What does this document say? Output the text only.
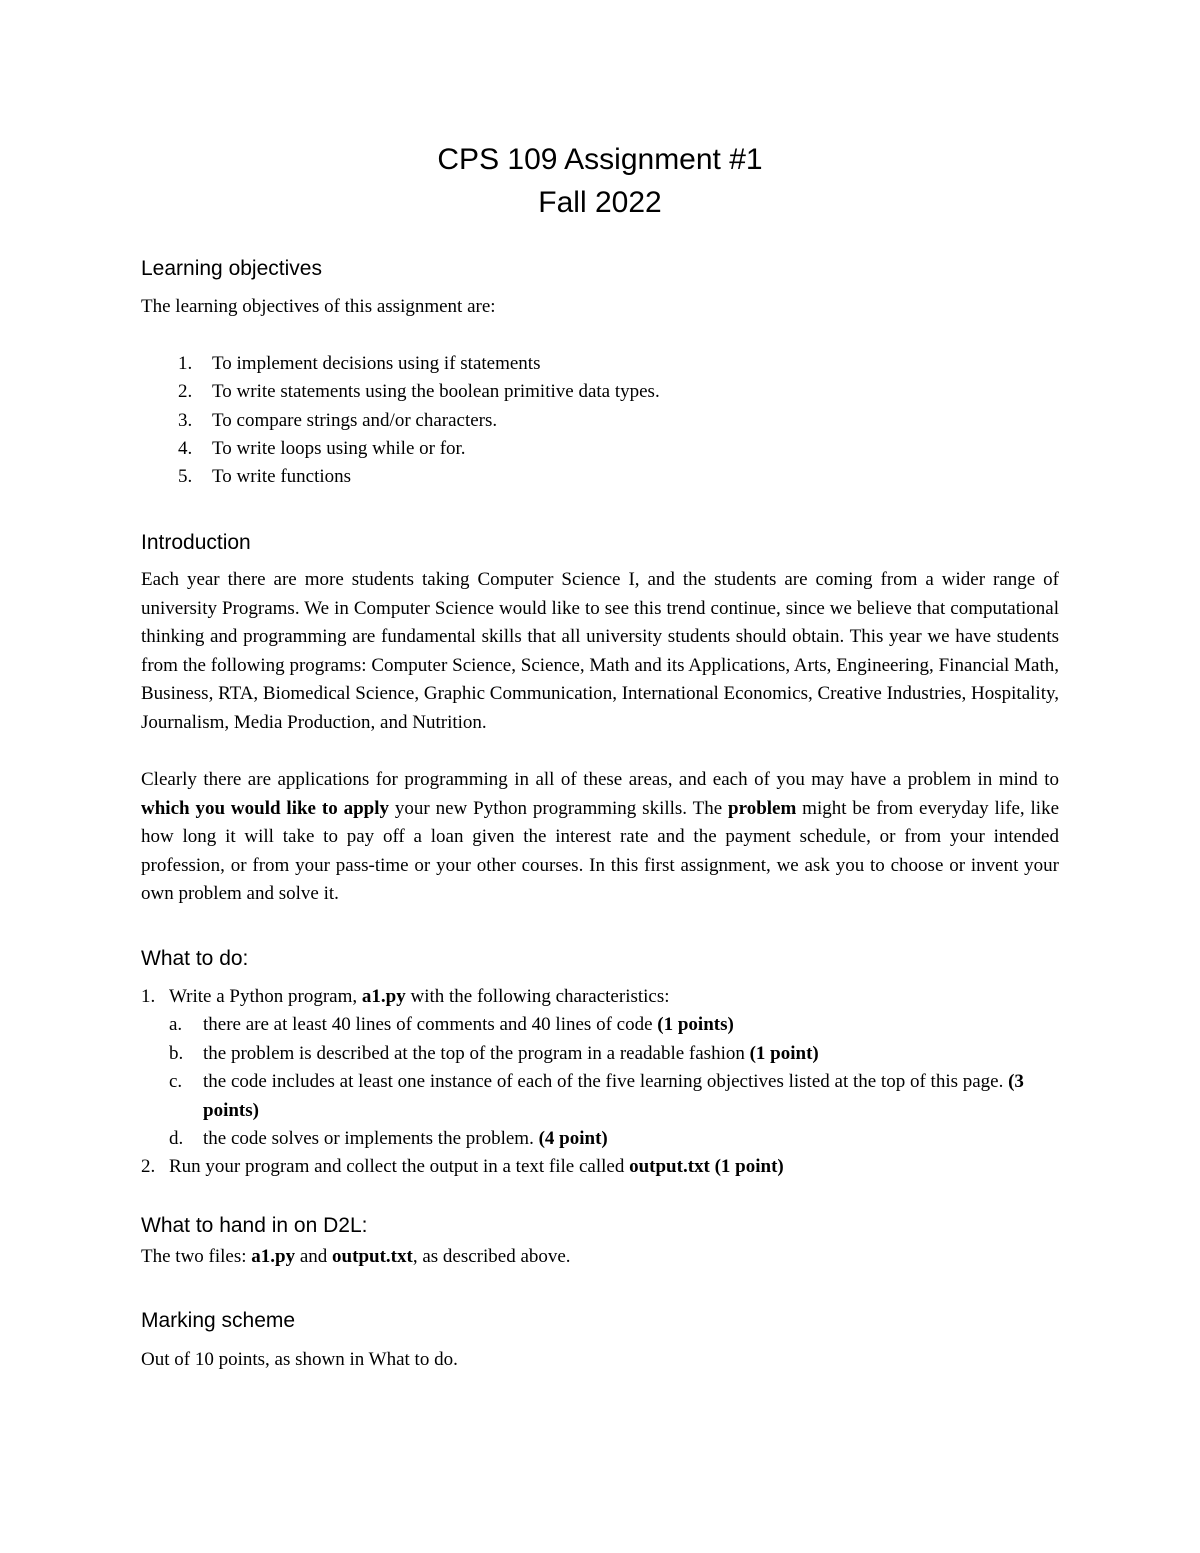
CPS 109 Assignment #1
Fall 2022
Learning objectives

The learning objectives of this assignment are:

1. To implement decisions using if statements
2. To write statements using the boolean primitive data types.
3. To compare strings and/or characters.
4. To write loops using while or for.
5. To write functions
Introduction

Each year there are more students taking Computer Science I, and the students are coming from a wider range of university Programs. We in Computer Science would like to see this trend continue, since we believe that computational thinking and programming are fundamental skills that all university students should obtain. This year we have students from the following programs: Computer Science, Science, Math and its Applications, Arts, Engineering, Financial Math, Business, RTA, Biomedical Science, Graphic Communication, International Economics, Creative Industries, Hospitality, Journalism, Media Production, and Nutrition.

Clearly there are applications for programming in all of these areas, and each of you may have a problem in mind to which you would like to apply your new Python programming skills. The problem might be from everyday life, like how long it will take to pay off a loan given the interest rate and the payment schedule, or from your intended profession, or from your pass-time or your other courses. In this first assignment, we ask you to choose or invent your own problem and solve it.

What to do:
1. Write a Python program, a1.py with the following characteristics:
a. there are at least 40 lines of comments and 40 lines of code (1 points)
b. the problem is described at the top of the program in a readable fashion (1 point)
c. the code includes at least one instance of each of the five learning objectives listed at the top of this page. (3 points)
d. the code solves or implements the problem. (4 point)
2. Run your program and collect the output in a text file called output.txt (1 point)
What to hand in on D2L:

The two files: a1.py and output.txt, as described above.

Marking scheme

Out of 10 points, as shown in What to do.
